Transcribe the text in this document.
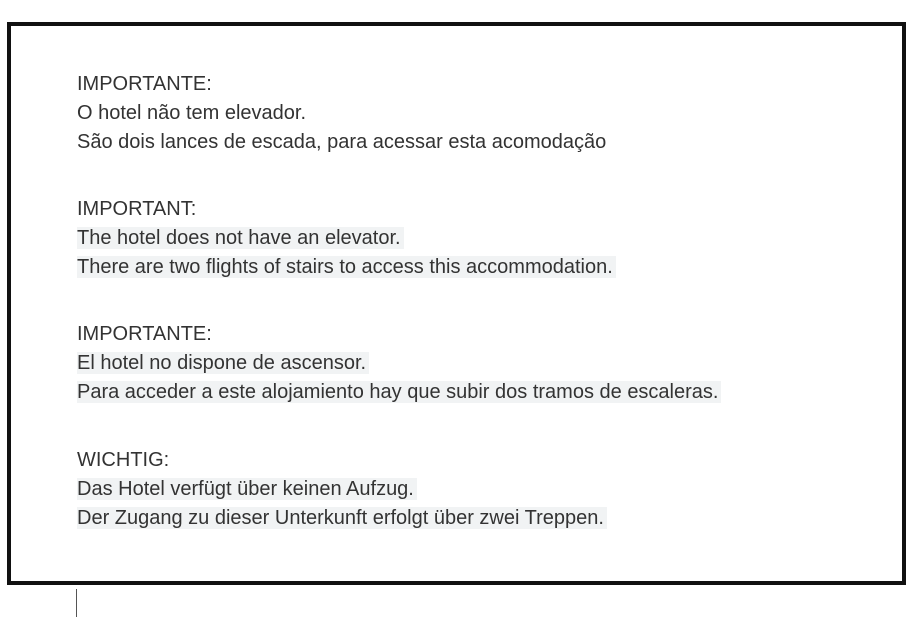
IMPORTANTE:
O hotel não tem elevador.
São dois lances de escada, para acessar esta acomodação
IMPORTANT:
The hotel does not have an elevator.
There are two flights of stairs to access this accommodation.
IMPORTANTE:
El hotel no dispone de ascensor.
Para acceder a este alojamiento hay que subir dos tramos de escaleras.
WICHTIG:
Das Hotel verfügt über keinen Aufzug.
Der Zugang zu dieser Unterkunft erfolgt über zwei Treppen.
